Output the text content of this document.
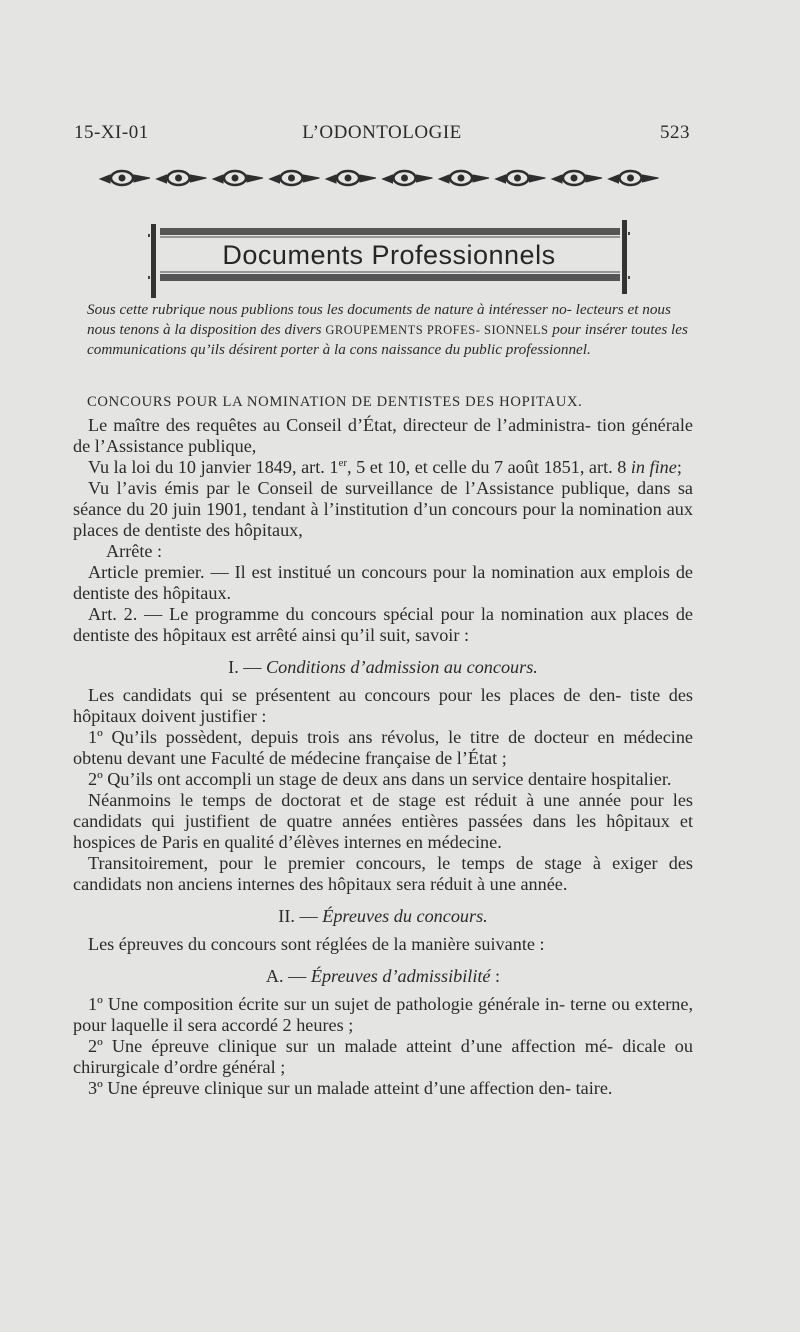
15-XI-01	L’ODONTOLOGIE	523
Documents Professionnels
Sous cette rubrique nous publions tous les documents de nature à intéresser no- lecteurs et nous nous tenons à la disposition des divers GROUPEMENTS PROFES- SIONNELS pour insérer toutes les communications qu’ils désirent porter à la cons naissance du public professionnel.
CONCOURS POUR LA NOMINATION DE DENTISTES DES HOPITAUX.

Le maître des requêtes au Conseil d’État, directeur de l’administra- tion générale de l’Assistance publique,

Vu la loi du 10 janvier 1849, art. 1er, 5 et 10, et celle du 7 août 1851, art. 8 in fine;

Vu l’avis émis par le Conseil de surveillance de l’Assistance publique, dans sa séance du 20 juin 1901, tendant à l’institution d’un concours pour la nomination aux places de dentiste des hôpitaux,

Arrête :

Article premier. — Il est institué un concours pour la nomination aux emplois de dentiste des hôpitaux.

Art. 2. — Le programme du concours spécial pour la nomination aux places de dentiste des hôpitaux est arrêté ainsi qu’il suit, savoir :

I. — Conditions d’admission au concours.

Les candidats qui se présentent au concours pour les places de den- tiste des hôpitaux doivent justifier :

1º Qu’ils possèdent, depuis trois ans révolus, le titre de docteur en médecine obtenu devant une Faculté de médecine française de l’État ;

2º Qu’ils ont accompli un stage de deux ans dans un service dentaire hospitalier.

Néanmoins le temps de doctorat et de stage est réduit à une année pour les candidats qui justifient de quatre années entières passées dans les hôpitaux et hospices de Paris en qualité d’élèves internes en médecine.

Transitoirement, pour le premier concours, le temps de stage à exiger des candidats non anciens internes des hôpitaux sera réduit à une année.

II. — Épreuves du concours.

Les épreuves du concours sont réglées de la manière suivante :

A. — Épreuves d’admissibilité :

1º Une composition écrite sur un sujet de pathologie générale in- terne ou externe, pour laquelle il sera accordé 2 heures ;

2º Une épreuve clinique sur un malade atteint d’une affection mé- dicale ou chirurgicale d’ordre général ;

3º Une épreuve clinique sur un malade atteint d’une affection den- taire.
